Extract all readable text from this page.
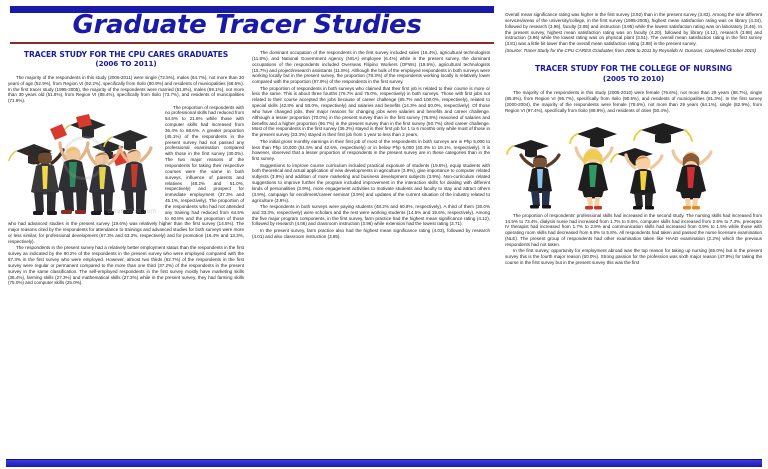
Graduate Tracer Studies
TRACER STUDY FOR THE CPU CARES GRADUATES
(2006 TO 2011)

The majority of the respondents in this study (2006-2011) were single (72.5%), males (64.7%), not more than 30 years of age (52.9%), from Region VI (92.2%), specifically from Iloilo (80.9%) and residents of municipalities (68.6%). In the first tracer study (1995-2005), the majority of the respondents were married (51.8%), males (69.1%), not more than 30 years old (51.8%), from Region VI (88.4%), specifically from Iloilo (73.7%), and residents of municipalities (71.8%).

dreamstime.com

The proportion of respondents with no professional skills had reduced from 54.5% to 21.6% while those with computer skills had increased from 36.4% to 68.6%. A greater proportion (45.1%) of the respondents in the present survey had not passed any professional examination compared with those in the first survey (30.0%). The two major reasons of the respondents for taking their respective courses were the same in both surveys, influence of parents and relatives (48.2% and 51.0%, respectively) and prospect for immediate employment (37.3% and 45.1%, respectively). The proportion of the respondents who had not attended any training had reduced from 64.5% to 60.8% and the proportion of those who had advanced studies in the present survey (19.6%) was relatively higher than the first survey (14.5%). The major reasons cited by the respondents for attendance to trainings and advanced studies for both surveys were more or less similar, for professional development (67.3% and 63.3%, respectively) and for promotion (16.4% and 13.3%, respectively).

The respondents in the present survey had a relatively better employment status than the respondents in the first survey as indicated by the 90.2% of the respondents in the present survey who were employed compared with the 87.3% in the first survey who were employed. However, almost two thirds (62.7%) of the respondents in the first survey were regular or permanent compared to the more than one third (37.2%) of the respondents in the present survey in the same classification. The self-employed respondents in the first survey mostly have marketing skills (36.4%), farming skills (27.3%) and mathematical skills (27.3%) while in the present survey, they had farming skills (75.0%) and computer skills (25.0%).

The dominant occupation of the respondents in the first survey included sales (16.4%), agricultural technologists (11.8%), and National Government Agency (NGA) employee (6.4%) while in the present survey, the dominant occupations of the respondents included Overseas Filipino Workers (OFWs) (19.6%), agricultural technologists (15.7%) and project/research assistants (11.8%). Although the bulk of the employed respondents in both surveys were working locally but in the present survey, the proportion (78.3%) of the respondents working locally is relatively lower compared with the proportion (97.9%) of the respondents in the first survey.

The proportion of respondents in both surveys who claimed that their first job is related to their course is more or less the same. This is about three fourths (76.7% and 75.0%, respectively) in both surveys. Those with first jobs not related to their course accepted the jobs because of career challenge (85.7% and 100.0%, respectively), related to special skills (42.8% and 50.0%, respectively) and salaries and benefits (14.3% and 50.0%, respectively). Of those who have changed jobs, their major reasons for changing jobs were salaries and benefits and career challenge. Although a lesser proportion (70.0%) in the present survey than in the first survey (76.8%) reasoned of salaries and benefits and a higher proportion (66.7%) in the present survey than in the first survey (50.7%) cited career challenge. Most of the respondents in the first survey (36.2%) stayed in their first job for 1 to 6 months only while most of those in the present survey (33.3%) stayed in their first job from 1 year to less than 2 years.

The initial gross monthly earnings in their first job of most of the respondents in both surveys are in Php 5,000 to less than Php 10,000 (51.5% and 42.6%, respectively) or in below Php 5,000 (40.4% to 19.1%, respectively). It is however, observed that a lesser proportion of respondents in the present survey are in these categories than in the first survey.

Suggestions to improve course curriculum included practical exposure of students (19.6%), equip students with both theoretical and actual application of new developments in agriculture (3.9%), give importance to computer related subjects (3.9%) and addition of more marketing and business development subjects (3.9%). Non-curriculum related suggestions to improve further the program included improvement in the interaction skills for dealing with different kinds of personalities (3.9%), more engagement activities to motivate students and faculty to stay and attract others (3.9%), campaign for enrollment/career seminar (3.9%) and updates of the current situation of the industry related to agriculture (3.9%).

The respondents in both surveys were paying students (48.2% and 60.8%, respectively). A third of them (30.0% and 33.3%, respectively) were scholars and the rest were working students (14.5% and 19.6%, respectively). Among the five major program components, in the first survey, farm practice had the highest mean significance rating (4.12), followed by research (4.06) and classroom instruction (3.96) while extension had the lowest rating (3.71).

In the present survey, farm practice also had the highest mean significance rating (4.03), followed by research (4.01) and also classroom instruction (3.85).

Overall mean significance rating was higher in the first survey (3.92) than in the present survey (3.83). Among the nine different services/areas of the university/college, in the first survey (1995-2005), highest mean satisfaction rating was on library (4.34), followed by research (3.96), faculty (3.95) and instruction (3.95) while the lowest satisfaction rating was on laboratory (3.46). In the present survey, highest mean satisfaction rating was on faculty (4.20), followed by library (4.12), research (3.98) and instruction (3.96) while the lowest rating was on physical plant (3.51). The overall mean satisfaction rating in the first survey (3.81) was a little bit lower than the overall mean satisfaction rating (3.88) in the present survey.

(Source: Tracer Study for the CPU CARES Graduates from 2006 to 2011 by Reynaldo N. Dusaran, completed October 2015)

TRACER STUDY FOR THE COLLEGE OF NURSING
(2005 TO 2010)

The majority of the respondents in this study (2005-2010) were female (76.6%), not more than 29 years (88.7%), single (85.8%), from Region VI (96.7%), specifically from Iloilo (90.5%), and residents of municipalities (81.3%). In the first survey (2000-2004), the majority of the respondents were female (78.6%), not more than 29 years (64.1%), single (82.9%), from Region VI (97.4%), specifically from Iloilo (88.9%), and residents of cities (50.4%).

The proportion of respondents' professional skills had increased in the second study. The nursing skills had increased from 14.5% to 73.4%, dialysis nurse had increased from 1.7% to 5.5%, computer skills had increased from 2.6% to 7.3%, preceptor IV therapist had increased from 1.7% to 2.9% and communication skills had increased from 0.9% to 1.5% while those with operating room skills had decreased from 6.8% to 5.8%. All respondents had taken and passed the nurse licensure examination (NLE). The present group of respondents had other examination taken like HAAD examination (2.2%) which the previous respondents had not taken.

In the first survey, opportunity for employment abroad was the top reason for taking up nursing (65.0%) but in the present survey this is the fourth major reason (50.0%). Strong passion for the profession was sixth major reason (47.9%) for taking the course in the first survey but in the present survey this was the first
